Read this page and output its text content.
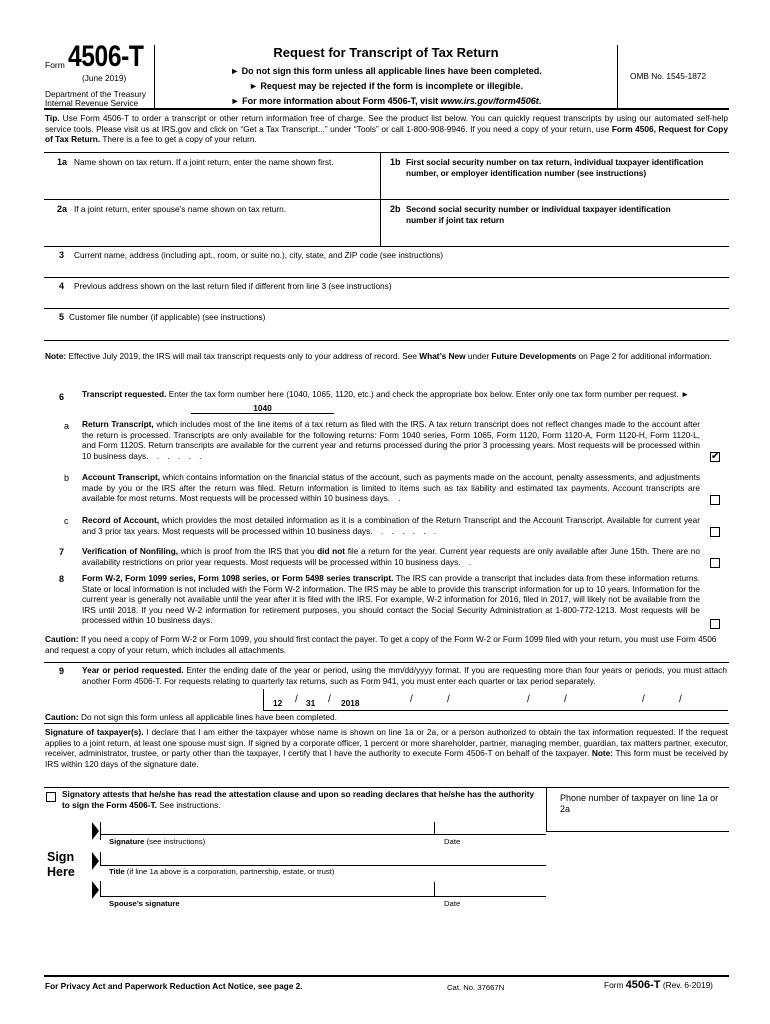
Form 4506-T
(June 2019)
Department of the Treasury
Internal Revenue Service
Request for Transcript of Tax Return
► Do not sign this form unless all applicable lines have been completed.
► Request may be rejected if the form is incomplete or illegible.
► For more information about Form 4506-T, visit www.irs.gov/form4506t.
OMB No. 1545-1872
Tip. Use Form 4506-T to order a transcript or other return information free of charge. See the product list below. You can quickly request transcripts by using our automated self-help service tools. Please visit us at IRS.gov and click on “Get a Tax Transcript...” under “Tools” or call 1-800-908-9946. If you need a copy of your return, use Form 4506, Request for Copy of Tax Return. There is a fee to get a copy of your return.
1a Name shown on tax return. If a joint return, enter the name shown first.	1b First social security number on tax return, individual taxpayer identification number, or employer identification number (see instructions)
2a If a joint return, enter spouse’s name shown on tax return.	2b Second social security number or individual taxpayer identification number if joint tax return
3 Current name, address (including apt., room, or suite no.), city, state, and ZIP code (see instructions)
4 Previous address shown on the last return filed if different from line 3 (see instructions)
5 Customer file number (if applicable) (see instructions)
Note: Effective July 2019, the IRS will mail tax transcript requests only to your address of record. See What’s New under Future Developments on Page 2 for additional information.
6 Transcript requested. Enter the tax form number here (1040, 1065, 1120, etc.) and check the appropriate box below. Enter only one tax form number per request. ►
1040
a Return Transcript, which includes most of the line items of a tax return as filed with the IRS. A tax return transcript does not reflect changes made to the account after the return is processed. Transcripts are only available for the following returns: Form 1040 series, Form 1065, Form 1120, Form 1120-A, Form 1120-H, Form 1120-L, and Form 1120S. Return transcripts are available for the current year and returns processed during the prior 3 processing years. Most requests will be processed within 10 business days. . . . . .	✔
b Account Transcript, which contains information on the financial status of the account, such as payments made on the account, penalty assessments, and adjustments made by you or the IRS after the return was filed. Return information is limited to items such as tax liability and estimated tax payments. Account transcripts are available for most returns. Most requests will be processed within 10 business days. .
c Record of Account, which provides the most detailed information as it is a combination of the Return Transcript and the Account Transcript. Available for current year and 3 prior tax years. Most requests will be processed within 10 business days. . . . . . .
7 Verification of Nonfiling, which is proof from the IRS that you did not file a return for the year. Current year requests are only available after June 15th. There are no availability restrictions on prior year requests. Most requests will be processed within 10 business days. .
8 Form W-2, Form 1099 series, Form 1098 series, or Form 5498 series transcript. The IRS can provide a transcript that includes data from these information returns. State or local information is not included with the Form W-2 information. The IRS may be able to provide this transcript information for up to 10 years. Information for the current year is generally not available until the year after it is filed with the IRS. For example, W-2 information for 2016, filed in 2017, will likely not be available from the IRS until 2018. If you need W-2 information for retirement purposes, you should contact the Social Security Administration at 1-800-772-1213. Most requests will be processed within 10 business days.
Caution: If you need a copy of Form W-2 or Form 1099, you should first contact the payer. To get a copy of the Form W-2 or Form 1099 filed with your return, you must use Form 4506 and request a copy of your return, which includes all attachments.
9 Year or period requested. Enter the ending date of the year or period, using the mm/dd/yyyy format. If you are requesting more than four years or periods, you must attach another Form 4506-T. For requests relating to quarterly tax returns, such as Form 941, you must enter each quarter or tax period separately.
12 / 31 / 2018	/	/	/	/	/	/
Caution: Do not sign this form unless all applicable lines have been completed.
Signature of taxpayer(s). I declare that I am either the taxpayer whose name is shown on line 1a or 2a, or a person authorized to obtain the tax information requested. If the request applies to a joint return, at least one spouse must sign. If signed by a corporate officer, 1 percent or more shareholder, partner, managing member, guardian, tax matters partner, executor, receiver, administrator, trustee, or party other than the taxpayer, I certify that I have the authority to execute Form 4506-T on behalf of the taxpayer. Note: This form must be received by IRS within 120 days of the signature date.
Signatory attests that he/she has read the attestation clause and upon so reading declares that he/she has the authority to sign the Form 4506-T. See instructions.
Phone number of taxpayer on line 1a or 2a
Sign
Here
Signature (see instructions)	Date
Title (if line 1a above is a corporation, partnership, estate, or trust)
Spouse’s signature	Date
For Privacy Act and Paperwork Reduction Act Notice, see page 2.	Cat. No. 37667N	Form 4506-T (Rev. 6-2019)
